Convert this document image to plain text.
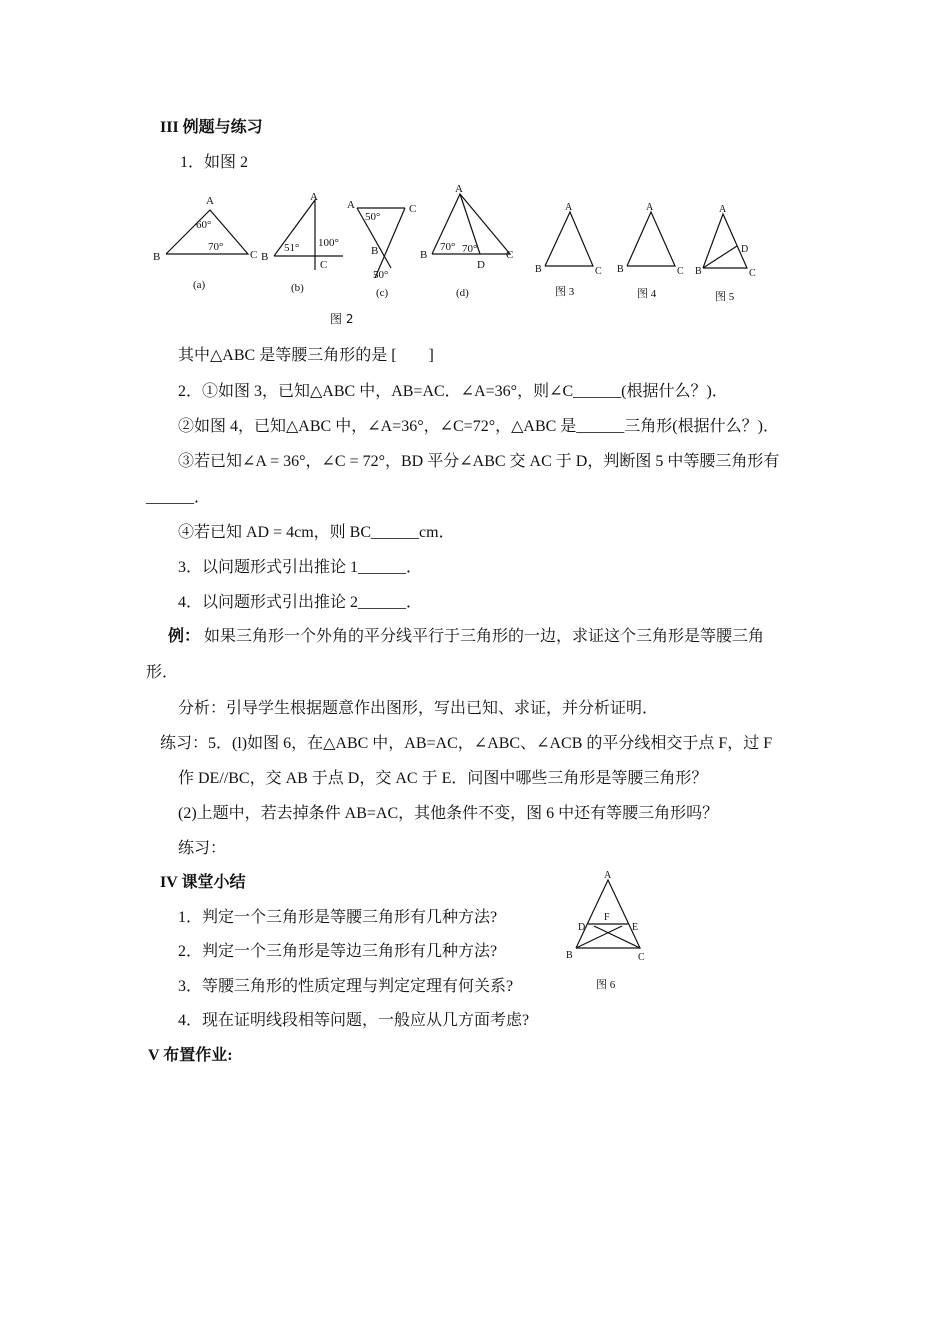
III 例题与练习
1．如图 2
A
B	C
60°
70°
(a)
A
B
C
51° 100°
(b)
A	C
B
50°
50°
(c)
A
B	C
D
70° 70°
(d)
A
B	C
图 3
A
B	C
图 4
A
B	C
D
图 5
图 2
其中△ABC 是等腰三角形的是 [　　]
2．①如图 3，已知△ABC 中，AB=AC．∠A=36°，则∠C______(根据什么？)．
②如图 4，已知△ABC 中，∠A=36°，∠C=72°，△ABC 是______三角形(根据什么？)．
③若已知∠A = 36°，∠C = 72°，BD 平分∠ABC 交 AC 于 D，判断图 5 中等腰三角形有
______．
④若已知 AD = 4cm，则 BC______cm．
3．以问题形式引出推论 1______．
4．以问题形式引出推论 2______．
例： 如果三角形一个外角的平分线平行于三角形的一边，求证这个三角形是等腰三角
形．
分析：引导学生根据题意作出图形，写出已知、求证，并分析证明．
练习：5．(l)如图 6，在△ABC 中，AB=AC，∠ABC、∠ACB 的平分线相交于点 F，过 F
作 DE//BC，交 AB 于点 D，交 AC 于 E．问图中哪些三角形是等腰三角形？
(2)上题中，若去掉条件 AB=AC，其他条件不变，图 6 中还有等腰三角形吗？
练习：
IV 课堂小结
1．判定一个三角形是等腰三角形有几种方法?
2．判定一个三角形是等边三角形有几种方法?
3．等腰三角形的性质定理与判定定理有何关系?
4．现在证明线段相等问题，一般应从几方面考虑?
A
D	E
F
B	C
图 6
V 布置作业:
